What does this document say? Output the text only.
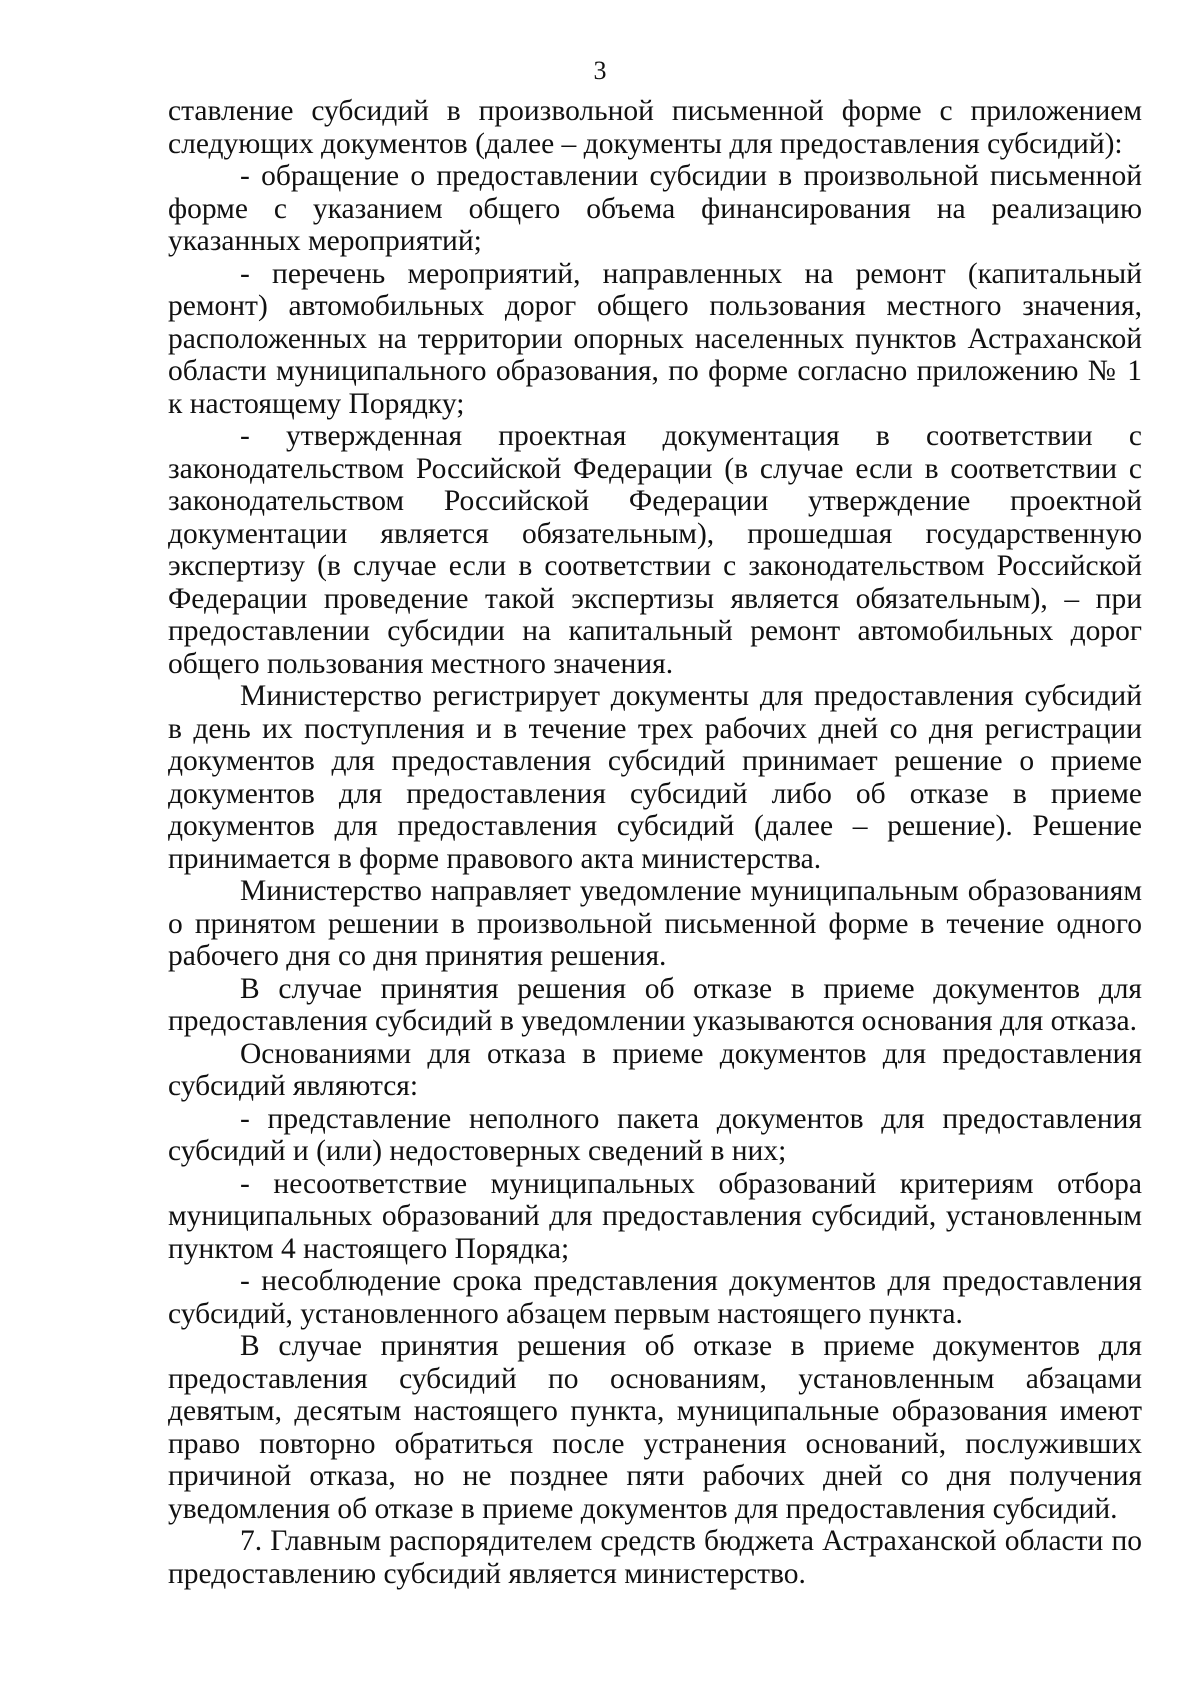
3

ставление субсидий в произвольной письменной форме с приложением следующих документов (далее – документы для предоставления субсидий):

- обращение о предоставлении субсидии в произвольной письменной форме с указанием общего объема финансирования на реализацию указанных мероприятий;

- перечень мероприятий, направленных на ремонт (капитальный ремонт) автомобильных дорог общего пользования местного значения, расположенных на территории опорных населенных пунктов Астраханской области муниципального образования, по форме согласно приложению № 1 к настоящему Порядку;

- утвержденная проектная документация в соответствии с законодательством Российской Федерации (в случае если в соответствии с законодательством Российской Федерации утверждение проектной документации является обязательным), прошедшая государственную экспертизу (в случае если в соответствии с законодательством Российской Федерации проведение такой экспертизы является обязательным), – при предоставлении субсидии на капитальный ремонт автомобильных дорог общего пользования местного значения.

Министерство регистрирует документы для предоставления субсидий в день их поступления и в течение трех рабочих дней со дня регистрации документов для предоставления субсидий принимает решение о приеме документов для предоставления субсидий либо об отказе в приеме документов для предоставления субсидий (далее – решение). Решение принимается в форме правового акта министерства.

Министерство направляет уведомление муниципальным образованиям о принятом решении в произвольной письменной форме в течение одного рабочего дня со дня принятия решения.

В случае принятия решения об отказе в приеме документов для предоставления субсидий в уведомлении указываются основания для отказа.

Основаниями для отказа в приеме документов для предоставления субсидий являются:

- представление неполного пакета документов для предоставления субсидий и (или) недостоверных сведений в них;

- несоответствие муниципальных образований критериям отбора муниципальных образований для предоставления субсидий, установленным пунктом 4 настоящего Порядка;

- несоблюдение срока представления документов для предоставления субсидий, установленного абзацем первым настоящего пункта.

В случае принятия решения об отказе в приеме документов для предоставления субсидий по основаниям, установленным абзацами девятым, десятым настоящего пункта, муниципальные образования имеют право повторно обратиться после устранения оснований, послуживших причиной отказа, но не позднее пяти рабочих дней со дня получения уведомления об отказе в приеме документов для предоставления субсидий.

7. Главным распорядителем средств бюджета Астраханской области по предоставлению субсидий является министерство.
